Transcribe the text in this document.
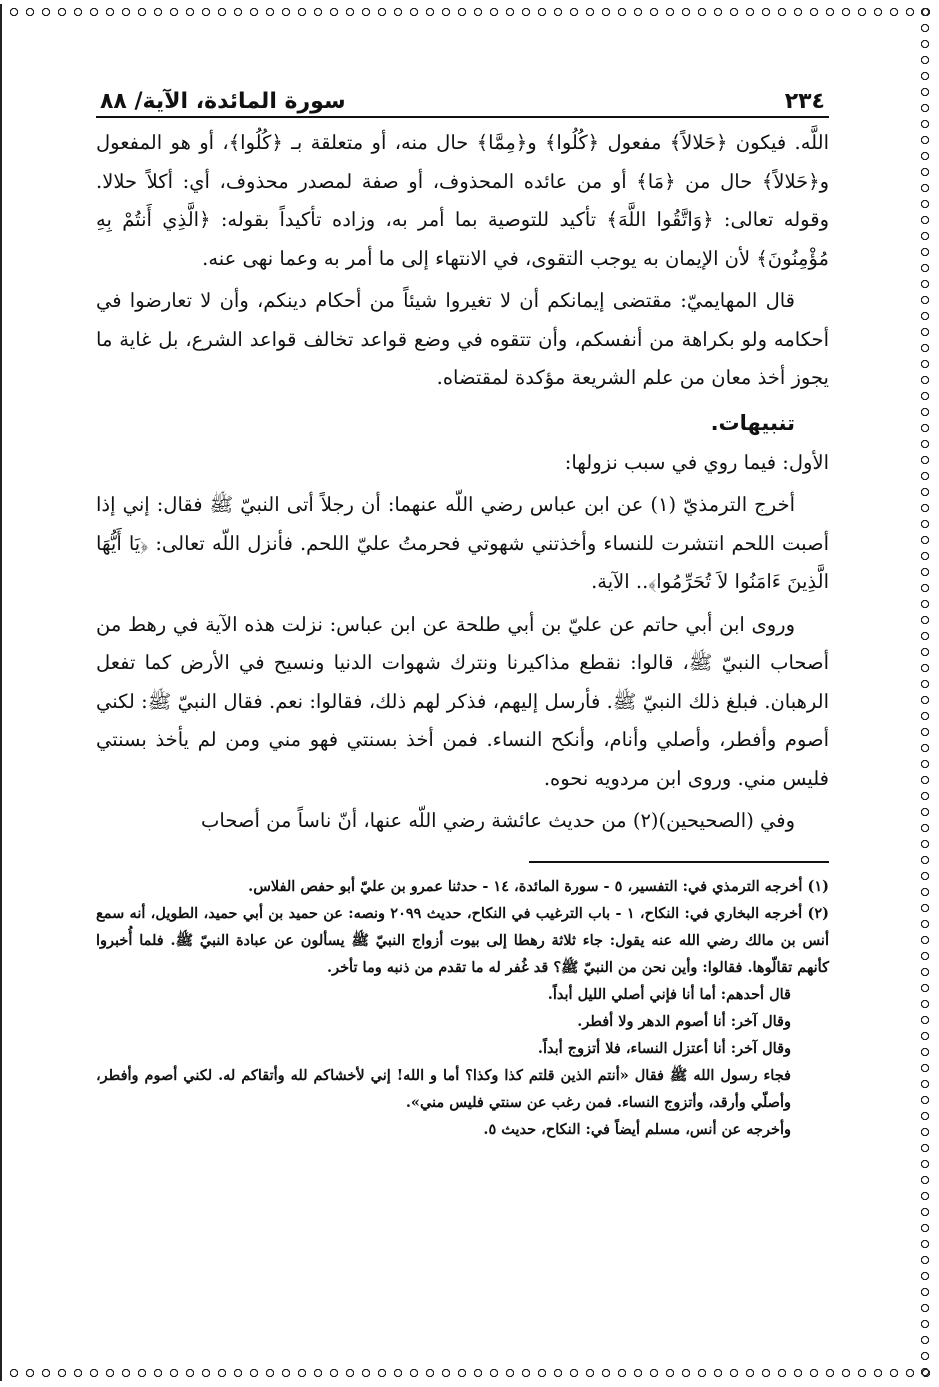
٢٣٤
سورة المائدة، الآية/ ٨٨

اللَّه. فيكون ﴿حَلالاً﴾ مفعول ﴿كُلُوا﴾ و﴿مِمَّا﴾ حال منه، أو متعلقة بـ ﴿كُلُوا﴾، أو هو المفعول و﴿حَلالاً﴾ حال من ﴿مَا﴾ أو من عائده المحذوف، أو صفة لمصدر محذوف، أي: أكلاً حلالا. وقوله تعالى: ﴿وَاتَّقُوا اللَّهَ﴾ تأكيد للتوصية بما أمر به، وزاده تأكيداً بقوله: ﴿الَّذِي أَنتُمْ بِهِ مُؤْمِنُونَ﴾ لأن الإيمان به يوجب التقوى، في الانتهاء إلى ما أمر به وعما نهى عنه.

قال المهايميّ: مقتضى إيمانكم أن لا تغيروا شيئاً من أحكام دينكم، وأن لا تعارضوا في أحكامه ولو بكراهة من أنفسكم، وأن تتقوه في وضع قواعد تخالف قواعد الشرع، بل غاية ما يجوز أخذ معان من علم الشريعة مؤكدة لمقتضاه.

تنبيهات.

الأول: فيما روي في سبب نزولها:

أخرج الترمذيّ (١) عن ابن عباس رضي اللّه عنهما: أن رجلاً أتى النبيّ ﷺ فقال: إني إذا أصبت اللحم انتشرت للنساء وأخذتني شهوتي فحرمتُ عليّ اللحم. فأنزل اللّه تعالى: ﴿يَا أَيُّهَا الَّذِينَ ءَامَنُوا لاَ تُحَرِّمُوا﴾.. الآية.

وروى ابن أبي حاتم عن عليّ بن أبي طلحة عن ابن عباس: نزلت هذه الآية في رهط من أصحاب النبيّ ﷺ، قالوا: نقطع مذاكيرنا ونترك شهوات الدنيا ونسيح في الأرض كما تفعل الرهبان. فبلغ ذلك النبيّ ﷺ. فأرسل إليهم، فذكر لهم ذلك، فقالوا: نعم. فقال النبيّ ﷺ: لكني أصوم وأفطر، وأصلي وأنام، وأنكح النساء. فمن أخذ بسنتي فهو مني ومن لم يأخذ بسنتي فليس مني. وروى ابن مردويه نحوه.

وفي (الصحيحين)(٢) من حديث عائشة رضي اللّه عنها، أنّ ناساً من أصحاب

(١) أخرجه الترمذي في: التفسير، ٥ - سورة المائدة، ١٤ - حدثنا عمرو بن عليّ أبو حفص الفلاس.

(٢) أخرجه البخاري في: النكاح، ١ - باب الترغيب في النكاح، حديث ٢٠٩٩ ونصه: عن حميد بن أبي حميد، الطويل، أنه سمع أنس بن مالك رضي الله عنه يقول: جاء ثلاثة رهطا إلى بيوت أزواج النبيّ ﷺ يسألون عن عبادة النبيّ ﷺ. فلما أُخبروا كأنهم تقالّوها. فقالوا: وأين نحن من النبيّ ﷺ؟ قد غُفر له ما تقدم من ذنبه وما تأخر.

قال أحدهم: أما أنا فإني أصلي الليل أبداً.

وقال آخر: أنا أصوم الدهر ولا أفطر.

وقال آخر: أنا أعتزل النساء، فلا أتزوج أبداً.

فجاء رسول الله ﷺ فقال «أنتم الذين قلتم كذا وكذا؟ أما و الله! إني لأخشاكم لله وأتقاكم له. لكني أصوم وأفطر، وأصلّي وأرقد، وأتزوج النساء. فمن رغب عن سنتي فليس مني».

وأخرجه عن أنس، مسلم أيضاً في: النكاح، حديث ٥.
